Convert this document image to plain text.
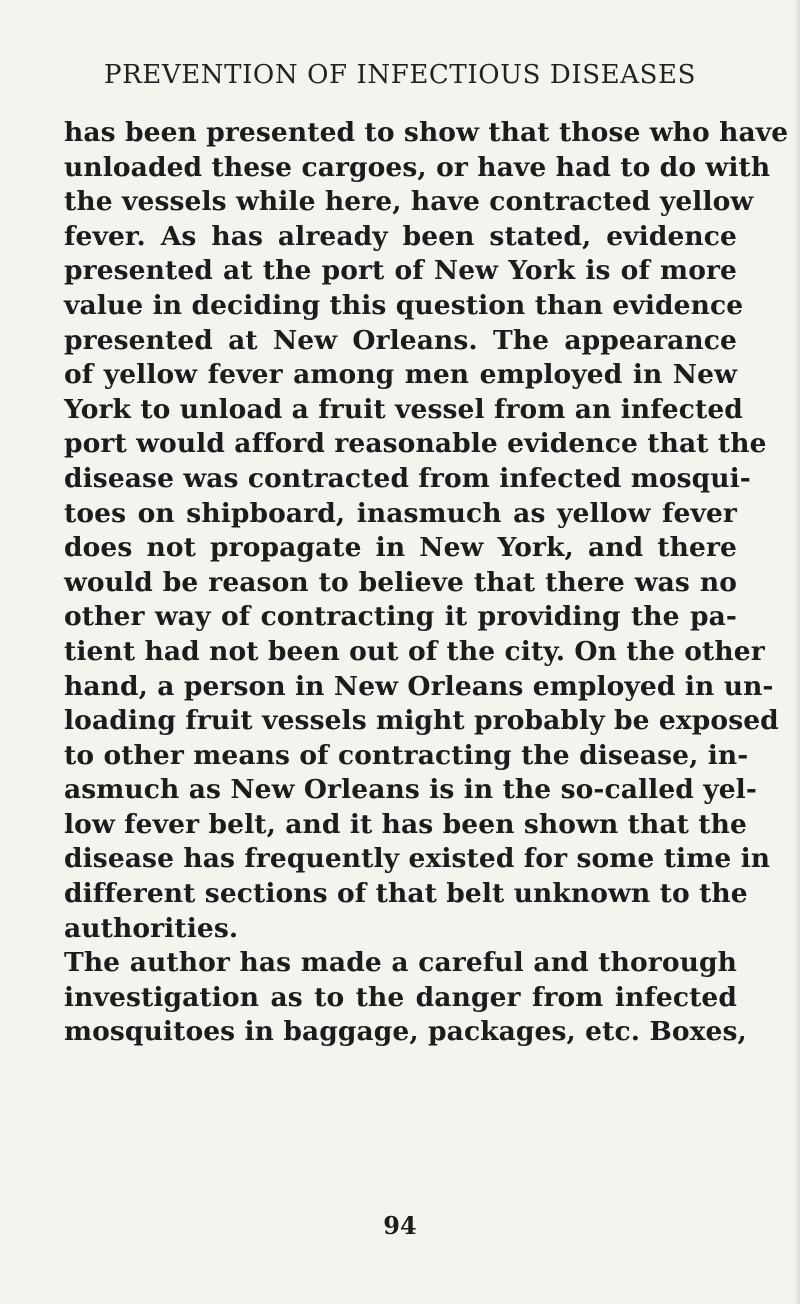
PREVENTION OF INFECTIOUS DISEASES
has been presented to show that those who have
unloaded these cargoes, or have had to do with
the vessels while here, have contracted yellow
fever. As has already been stated, evidence
presented at the port of New York is of more
value in deciding this question than evidence
presented at New Orleans. The appearance
of yellow fever among men employed in New
York to unload a fruit vessel from an infected
port would afford reasonable evidence that the
disease was contracted from infected mosqui-
toes on shipboard, inasmuch as yellow fever
does not propagate in New York, and there
would be reason to believe that there was no
other way of contracting it providing the pa-
tient had not been out of the city. On the other
hand, a person in New Orleans employed in un-
loading fruit vessels might probably be exposed
to other means of contracting the disease, in-
asmuch as New Orleans is in the so-called yel-
low fever belt, and it has been shown that the
disease has frequently existed for some time in
different sections of that belt unknown to the
authorities.
The author has made a careful and thorough
investigation as to the danger from infected
mosquitoes in baggage, packages, etc. Boxes,
94
